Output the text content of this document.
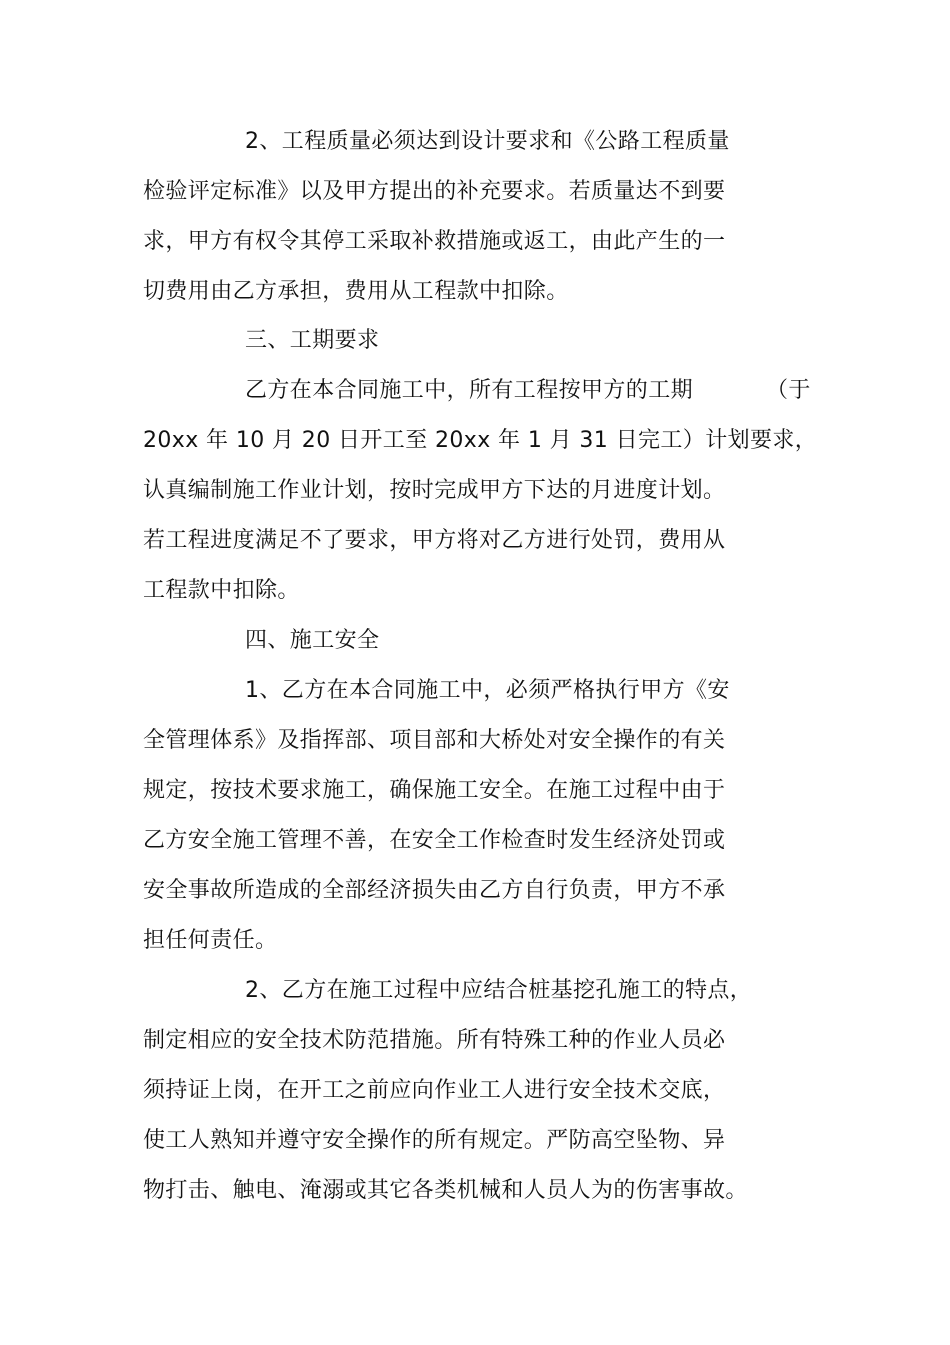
2、工程质量必须达到设计要求和《公路工程质量
检验评定标准》以及甲方提出的补充要求。若质量达不到要
求，甲方有权令其停工采取补救措施或返工，由此产生的一
切费用由乙方承担，费用从工程款中扣除。
三、工期要求
乙方在本合同施工中，所有工程按甲方的工期	（于
20xx 年 10 月 20 日开工至 20xx 年 1 月 31 日完工）计划要求，
认真编制施工作业计划，按时完成甲方下达的月进度计划。
若工程进度满足不了要求，甲方将对乙方进行处罚，费用从
工程款中扣除。
四、施工安全
1、乙方在本合同施工中，必须严格执行甲方《安
全管理体系》及指挥部、项目部和大桥处对安全操作的有关
规定，按技术要求施工，确保施工安全。在施工过程中由于
乙方安全施工管理不善，在安全工作检查时发生经济处罚或
安全事故所造成的全部经济损失由乙方自行负责，甲方不承
担任何责任。
2、乙方在施工过程中应结合桩基挖孔施工的特点，
制定相应的安全技术防范措施。所有特殊工种的作业人员必
须持证上岗，在开工之前应向作业工人进行安全技术交底，
使工人熟知并遵守安全操作的所有规定。严防高空坠物、异
物打击、触电、淹溺或其它各类机械和人员人为的伤害事故。
